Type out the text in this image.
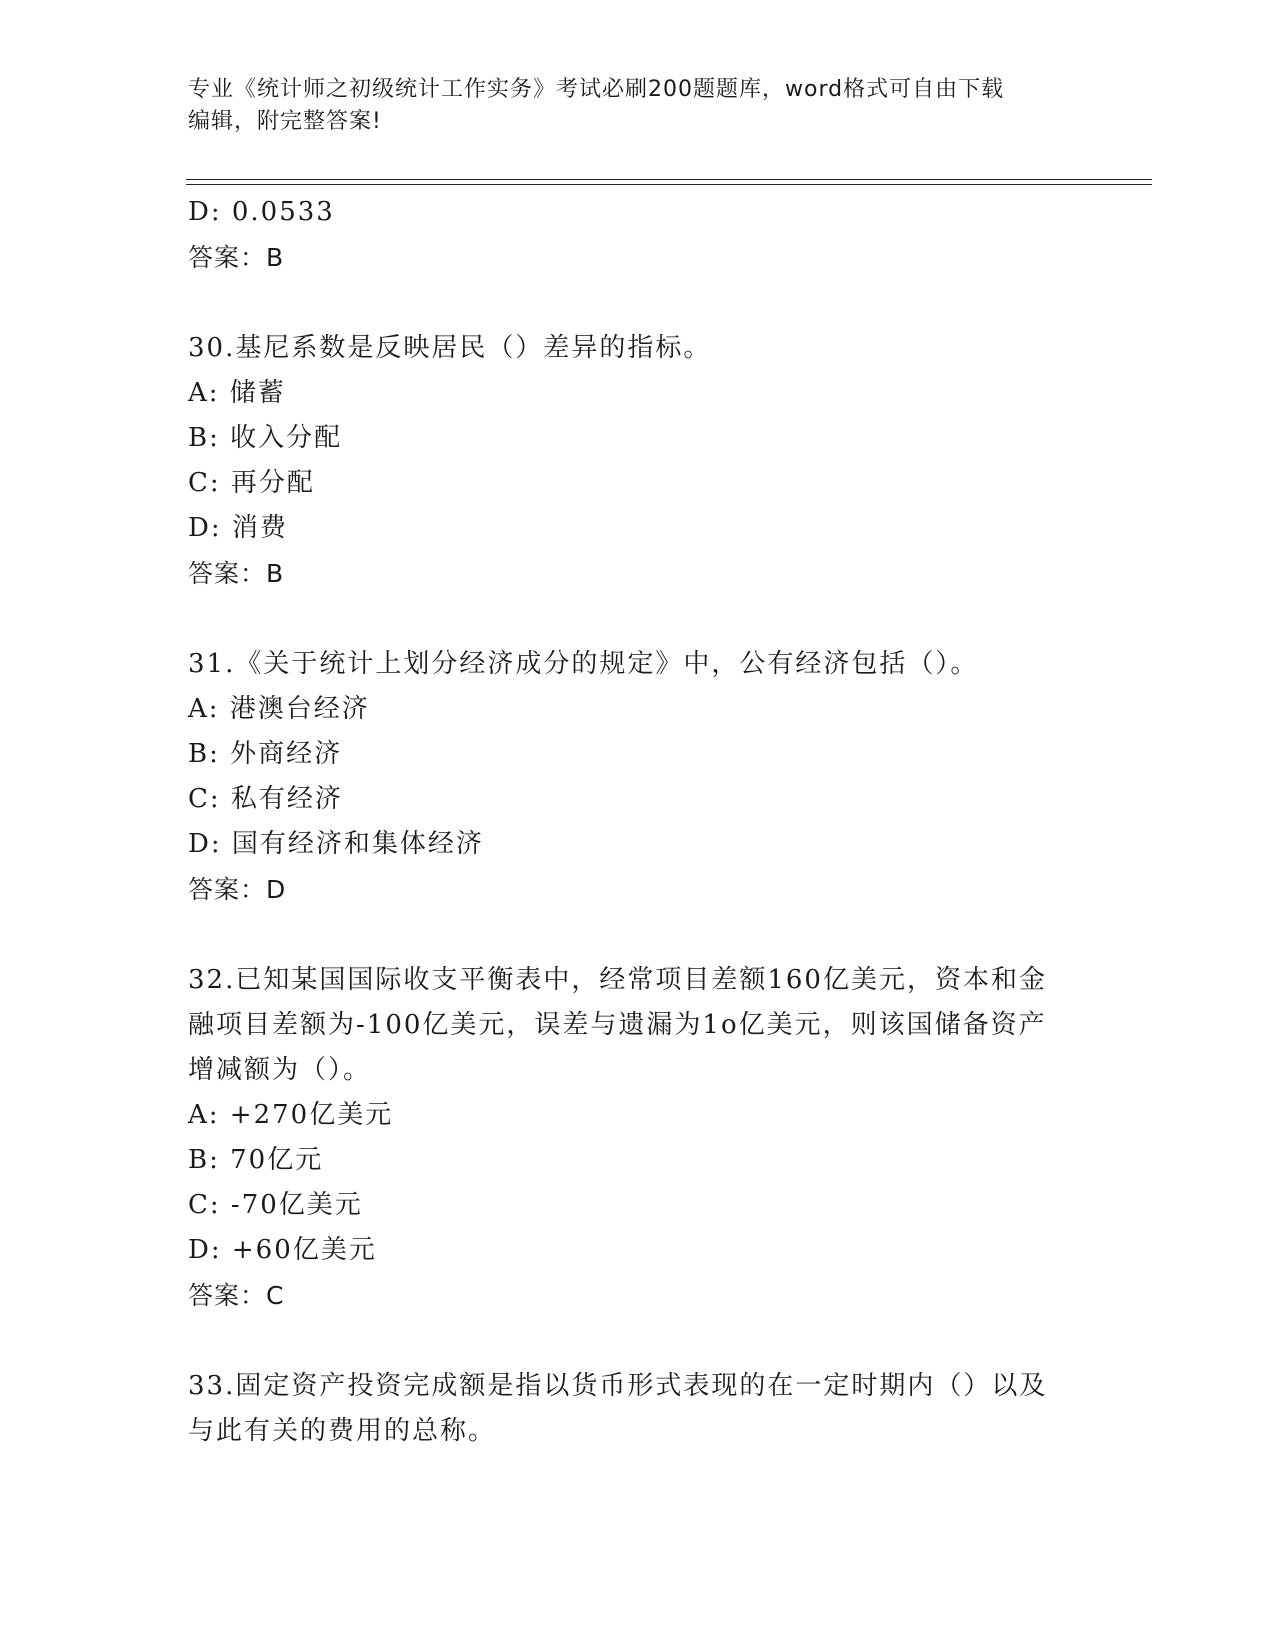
专业《统计师之初级统计工作实务》考试必刷200题题库，word格式可自由下载
编辑，附完整答案!
D: 0.0533
答案：B
30.基尼系数是反映居民（）差异的指标。
A: 储蓄
B: 收入分配
C: 再分配
D: 消费
答案：B
31.《关于统计上划分经济成分的规定》中，公有经济包括（）。
A: 港澳台经济
B: 外商经济
C: 私有经济
D: 国有经济和集体经济
答案：D
32.已知某国国际收支平衡表中，经常项目差额160亿美元，资本和金
融项目差额为-100亿美元，误差与遗漏为1o亿美元，则该国储备资产
增减额为（）。
A: +270亿美元
B: 70亿元
C: -70亿美元
D: +60亿美元
答案：C
33.固定资产投资完成额是指以货币形式表现的在一定时期内（）以及
与此有关的费用的总称。
